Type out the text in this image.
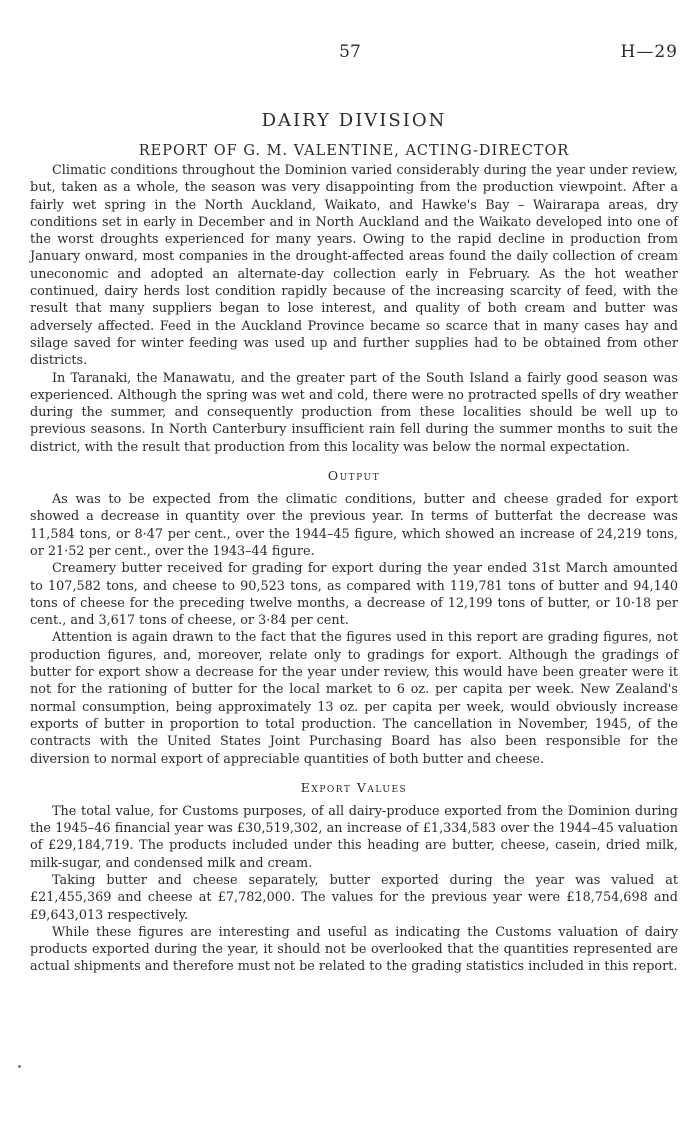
57	H—29
DAIRY DIVISION
REPORT OF G. M. VALENTINE, ACTING-DIRECTOR

Climatic conditions throughout the Dominion varied considerably during the year under review, but, taken as a whole, the season was very disappointing from the production viewpoint. After a fairly wet spring in the North Auckland, Waikato, and Hawke's Bay – Wairarapa areas, dry conditions set in early in December and in North Auckland and the Waikato developed into one of the worst droughts experienced for many years. Owing to the rapid decline in production from January onward, most companies in the drought-affected areas found the daily collection of cream uneconomic and adopted an alternate-day collection early in February. As the hot weather continued, dairy herds lost condition rapidly because of the increasing scarcity of feed, with the result that many suppliers began to lose interest, and quality of both cream and butter was adversely affected. Feed in the Auckland Province became so scarce that in many cases hay and silage saved for winter feeding was used up and further supplies had to be obtained from other districts.

In Taranaki, the Manawatu, and the greater part of the South Island a fairly good season was experienced. Although the spring was wet and cold, there were no protracted spells of dry weather during the summer, and consequently production from these localities should be well up to previous seasons. In North Canterbury insufficient rain fell during the summer months to suit the district, with the result that production from this locality was below the normal expectation.

Output

As was to be expected from the climatic conditions, butter and cheese graded for export showed a decrease in quantity over the previous year. In terms of butterfat the decrease was 11,584 tons, or 8·47 per cent., over the 1944–45 figure, which showed an increase of 24,219 tons, or 21·52 per cent., over the 1943–44 figure.

Creamery butter received for grading for export during the year ended 31st March amounted to 107,582 tons, and cheese to 90,523 tons, as compared with 119,781 tons of butter and 94,140 tons of cheese for the preceding twelve months, a decrease of 12,199 tons of butter, or 10·18 per cent., and 3,617 tons of cheese, or 3·84 per cent.

Attention is again drawn to the fact that the figures used in this report are grading figures, not production figures, and, moreover, relate only to gradings for export. Although the gradings of butter for export show a decrease for the year under review, this would have been greater were it not for the rationing of butter for the local market to 6 oz. per capita per week. New Zealand's normal consumption, being approximately 13 oz. per capita per week, would obviously increase exports of butter in proportion to total production. The cancellation in November, 1945, of the contracts with the United States Joint Purchasing Board has also been responsible for the diversion to normal export of appreciable quantities of both butter and cheese.

Export Values

The total value, for Customs purposes, of all dairy-produce exported from the Dominion during the 1945–46 financial year was £30,519,302, an increase of £1,334,583 over the 1944–45 valuation of £29,184,719. The products included under this heading are butter, cheese, casein, dried milk, milk-sugar, and condensed milk and cream.

Taking butter and cheese separately, butter exported during the year was valued at £21,455,369 and cheese at £7,782,000. The values for the previous year were £18,754,698 and £9,643,013 respectively.

While these figures are interesting and useful as indicating the Customs valuation of dairy products exported during the year, it should not be overlooked that the quantities represented are actual shipments and therefore must not be related to the grading statistics included in this report.
